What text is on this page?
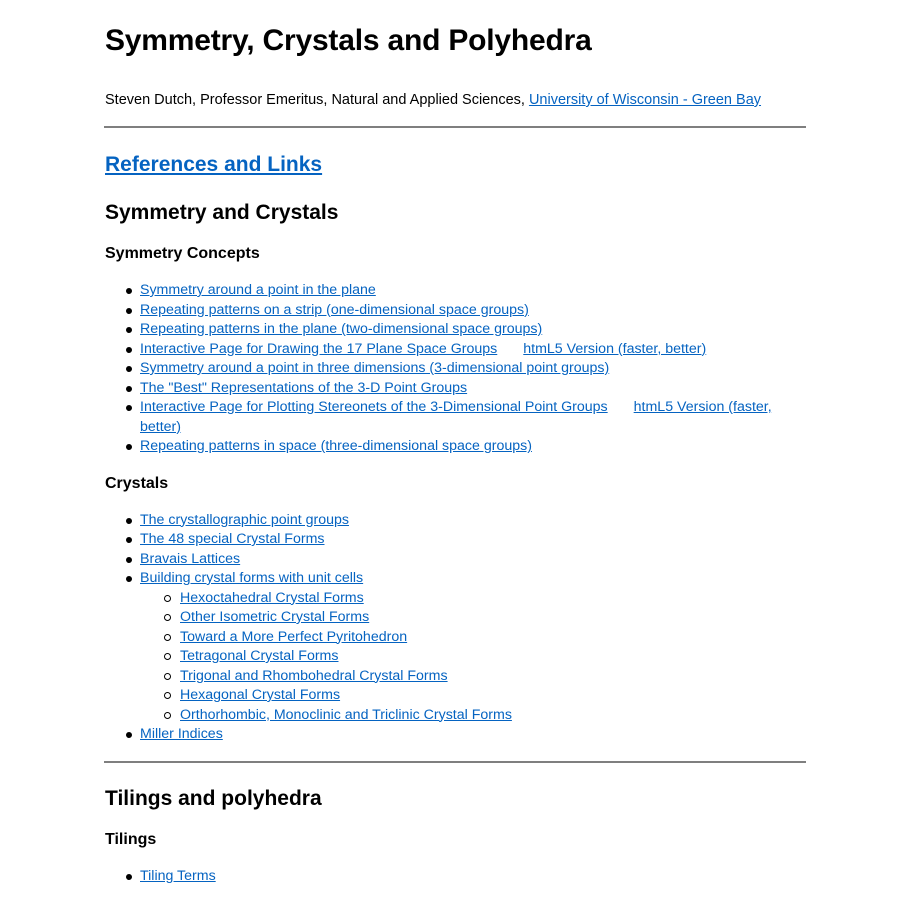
Symmetry, Crystals and Polyhedra

Steven Dutch, Professor Emeritus, Natural and Applied Sciences, University of Wisconsin - Green Bay

References and Links
Symmetry and Crystals
Symmetry Concepts
Symmetry around a point in the plane
Repeating patterns on a strip (one-dimensional space groups)
Repeating patterns in the plane (two-dimensional space groups)
Interactive Page for Drawing the 17 Plane Space Groups htmL5 Version (faster, better)
Symmetry around a point in three dimensions (3-dimensional point groups)
The "Best" Representations of the 3-D Point Groups
Interactive Page for Plotting Stereonets of the 3-Dimensional Point Groups htmL5 Version (faster, better)
Repeating patterns in space (three-dimensional space groups)
Crystals
The crystallographic point groups
The 48 special Crystal Forms
Bravais Lattices
Building crystal forms with unit cells
Hexoctahedral Crystal Forms
Other Isometric Crystal Forms
Toward a More Perfect Pyritohedron
Tetragonal Crystal Forms
Trigonal and Rhombohedral Crystal Forms
Hexagonal Crystal Forms
Orthorhombic, Monoclinic and Triclinic Crystal Forms
Miller Indices
Tilings and polyhedra
Tilings
Tiling Terms
